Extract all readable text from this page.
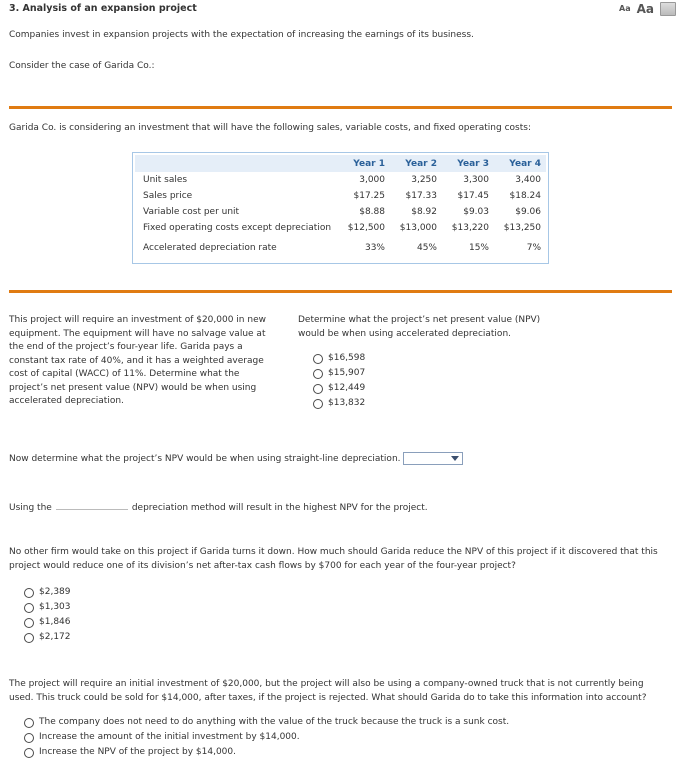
3. Analysis of an expansion project	Aa Aa
Companies invest in expansion projects with the expectation of increasing the earnings of its business.
Consider the case of Garida Co.:
Garida Co. is considering an investment that will have the following sales, variable costs, and fixed operating costs:
	Year 1	Year 2	Year 3	Year 4
Unit sales	3,000	3,250	3,300	3,400
Sales price	$17.25	$17.33	$17.45	$18.24
Variable cost per unit	$8.88	$8.92	$9.03	$9.06
Fixed operating costs except depreciation	$12,500	$13,000	$13,220	$13,250
Accelerated depreciation rate	33%	45%	15%	7%
This project will require an investment of $20,000 in new
equipment. The equipment will have no salvage value at
the end of the project’s four-year life. Garida pays a
constant tax rate of 40%, and it has a weighted average
cost of capital (WACC) of 11%. Determine what the
project’s net present value (NPV) would be when using
accelerated depreciation.
Determine what the project’s net present value (NPV)
would be when using accelerated depreciation.
$16,598
$15,907
$12,449
$13,832
Now determine what the project’s NPV would be when using straight-line depreciation.
Using the	depreciation method will result in the highest NPV for the project.
No other firm would take on this project if Garida turns it down. How much should Garida reduce the NPV of this project if it discovered that this
project would reduce one of its division’s net after-tax cash flows by $700 for each year of the four-year project?
$2,389
$1,303
$1,846
$2,172
The project will require an initial investment of $20,000, but the project will also be using a company-owned truck that is not currently being
used. This truck could be sold for $14,000, after taxes, if the project is rejected. What should Garida do to take this information into account?
The company does not need to do anything with the value of the truck because the truck is a sunk cost.
Increase the amount of the initial investment by $14,000.
Increase the NPV of the project by $14,000.
